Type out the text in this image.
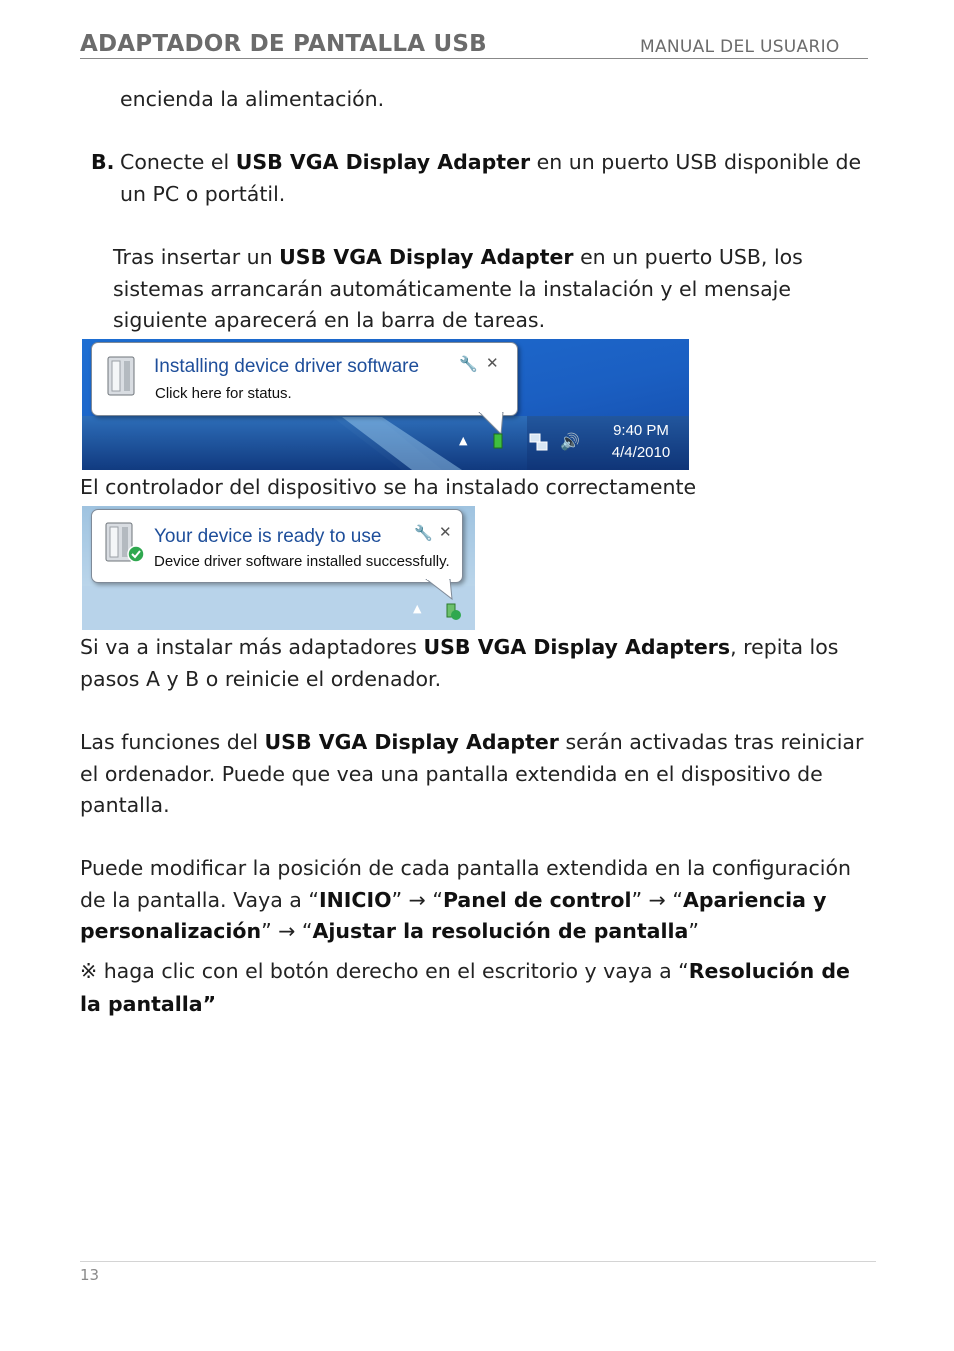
ADAPTADOR DE PANTALLA USB	MANUAL DEL USUARIO
encienda la alimentación.
B. Conecte el USB VGA Display Adapter en un puerto USB disponible de un PC o portátil.
Tras insertar un USB VGA Display Adapter en un puerto USB, los sistemas arrancarán automáticamente la instalación y el mensaje siguiente aparecerá en la barra de tareas.
Installing device driver software
Click here for status.
🔧 ✕
▲	🔊
9:40 PM
4/4/2010
El controlador del dispositivo se ha instalado correctamente
Your device is ready to use
Device driver software installed successfully.
🔧 ✕
▲
Si va a instalar más adaptadores USB VGA Display Adapters, repita los pasos A y B o reinicie el ordenador.
Las funciones del USB VGA Display Adapter serán activadas tras reiniciar el ordenador. Puede que vea una pantalla extendida en el dispositivo de pantalla.
Puede modificar la posición de cada pantalla extendida en la configuración de la pantalla. Vaya a “INICIO” → “Panel de control” → “Apariencia y personalización” → “Ajustar la resolución de pantalla”
※ haga clic con el botón derecho en el escritorio y vaya a “Resolución de la pantalla”
13
